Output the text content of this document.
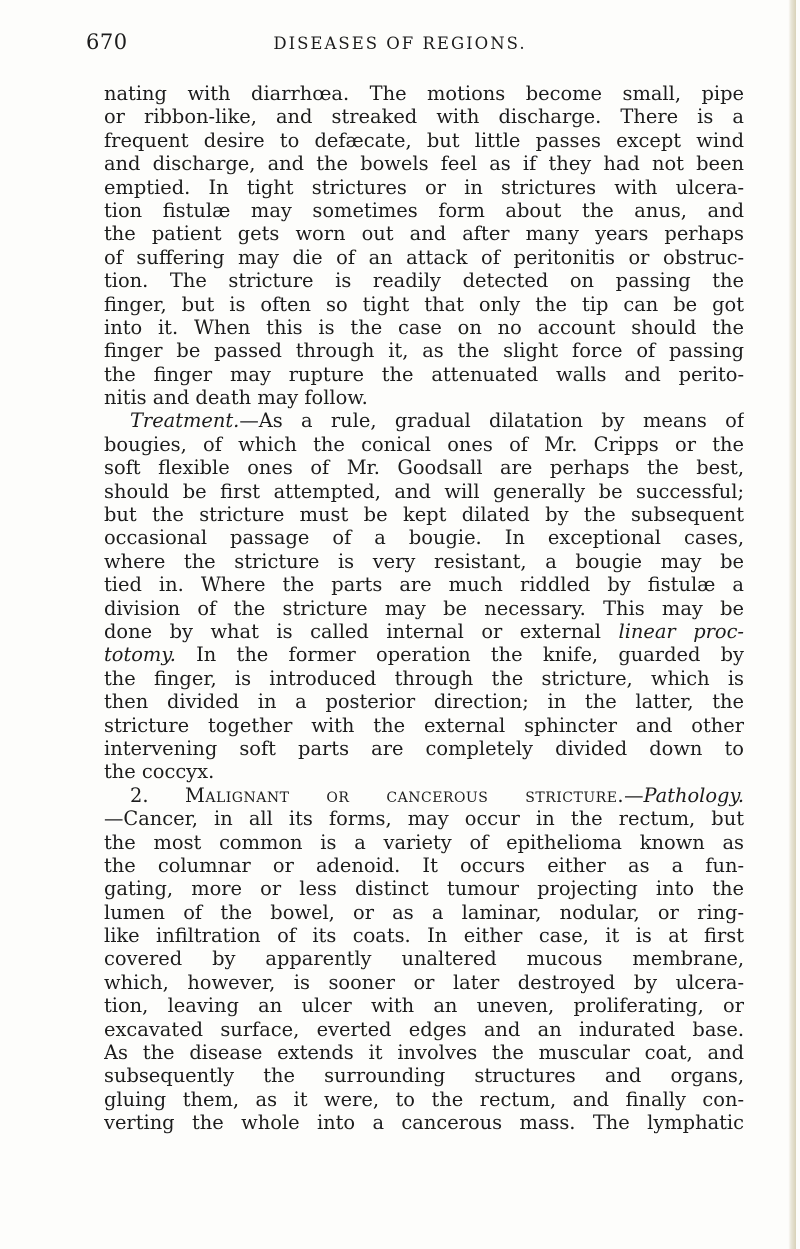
670	DISEASES OF REGIONS.
nating with diarrhœa. The motions become small, pipe
or ribbon-like, and streaked with discharge. There is a
frequent desire to defæcate, but little passes except wind
and discharge, and the bowels feel as if they had not been
emptied. In tight strictures or in strictures with ulcera-
tion fistulæ may sometimes form about the anus, and
the patient gets worn out and after many years perhaps
of suffering may die of an attack of peritonitis or obstruc-
tion. The stricture is readily detected on passing the
finger, but is often so tight that only the tip can be got
into it. When this is the case on no account should the
finger be passed through it, as the slight force of passing
the finger may rupture the attenuated walls and perito-
nitis and death may follow.
Treatment.—As a rule, gradual dilatation by means of
bougies, of which the conical ones of Mr. Cripps or the
soft flexible ones of Mr. Goodsall are perhaps the best,
should be first attempted, and will generally be successful;
but the stricture must be kept dilated by the subsequent
occasional passage of a bougie. In exceptional cases,
where the stricture is very resistant, a bougie may be
tied in. Where the parts are much riddled by fistulæ a
division of the stricture may be necessary. This may be
done by what is called internal or external linear proc-
totomy. In the former operation the knife, guarded by
the finger, is introduced through the stricture, which is
then divided in a posterior direction; in the latter, the
stricture together with the external sphincter and other
intervening soft parts are completely divided down to
the coccyx.
2. Malignant or cancerous stricture.—Pathology.
—Cancer, in all its forms, may occur in the rectum, but
the most common is a variety of epithelioma known as
the columnar or adenoid. It occurs either as a fun-
gating, more or less distinct tumour projecting into the
lumen of the bowel, or as a laminar, nodular, or ring-
like infiltration of its coats. In either case, it is at first
covered by apparently unaltered mucous membrane,
which, however, is sooner or later destroyed by ulcera-
tion, leaving an ulcer with an uneven, proliferating, or
excavated surface, everted edges and an indurated base.
As the disease extends it involves the muscular coat, and
subsequently the surrounding structures and organs,
gluing them, as it were, to the rectum, and finally con-
verting the whole into a cancerous mass. The lymphatic
